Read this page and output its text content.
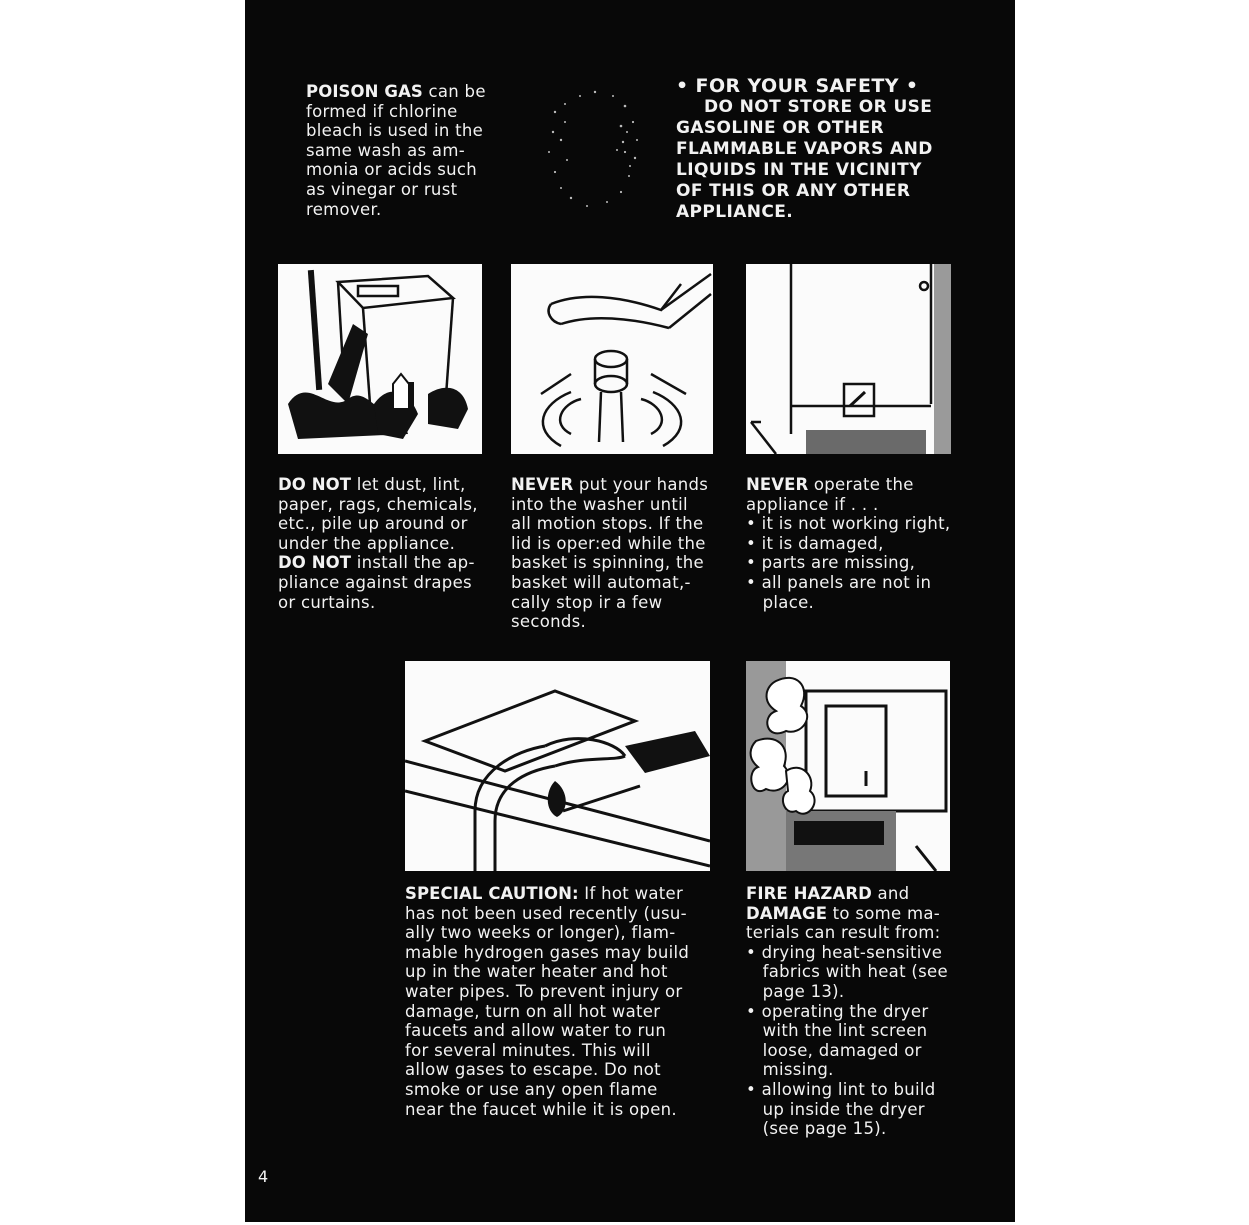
POISON GAS can be

formed if chlorine

bleach is used in the

same wash as am-

monia or acids such

as vinegar or rust

remover.

• FOR YOUR SAFETY •

DO NOT STORE OR USE

GASOLINE OR OTHER

FLAMMABLE VAPORS AND

LIQUIDS IN THE VICINITY

OF THIS OR ANY OTHER

APPLIANCE.

DO NOT let dust, lint,

paper, rags, chemicals,

etc., pile up around or

under the appliance.

DO NOT install the ap-

pliance against drapes

or curtains.

NEVER put your hands

into the washer until

all motion stops. If the

lid is oper:ed while the

basket is spinning, the

basket will automat,-

cally stop ir a few

seconds.

NEVER operate the

appliance if . . .

• it is not working right,

• it is damaged,

• parts are missing,

• all panels are not in

place.

SPECIAL CAUTION: If hot water

has not been used recently (usu-

ally two weeks or longer), flam-

mable hydrogen gases may build

up in the water heater and hot

water pipes. To prevent injury or

damage, turn on all hot water

faucets and allow water to run

for several minutes. This will

allow gases to escape. Do not

smoke or use any open flame

near the faucet while it is open.

FIRE HAZARD and

DAMAGE to some ma-

terials can result from:

• drying heat-sensitive

fabrics with heat (see

page 13).

• operating the dryer

with the lint screen

loose, damaged or

missing.

• allowing lint to build

up inside the dryer

(see page 15).

4
